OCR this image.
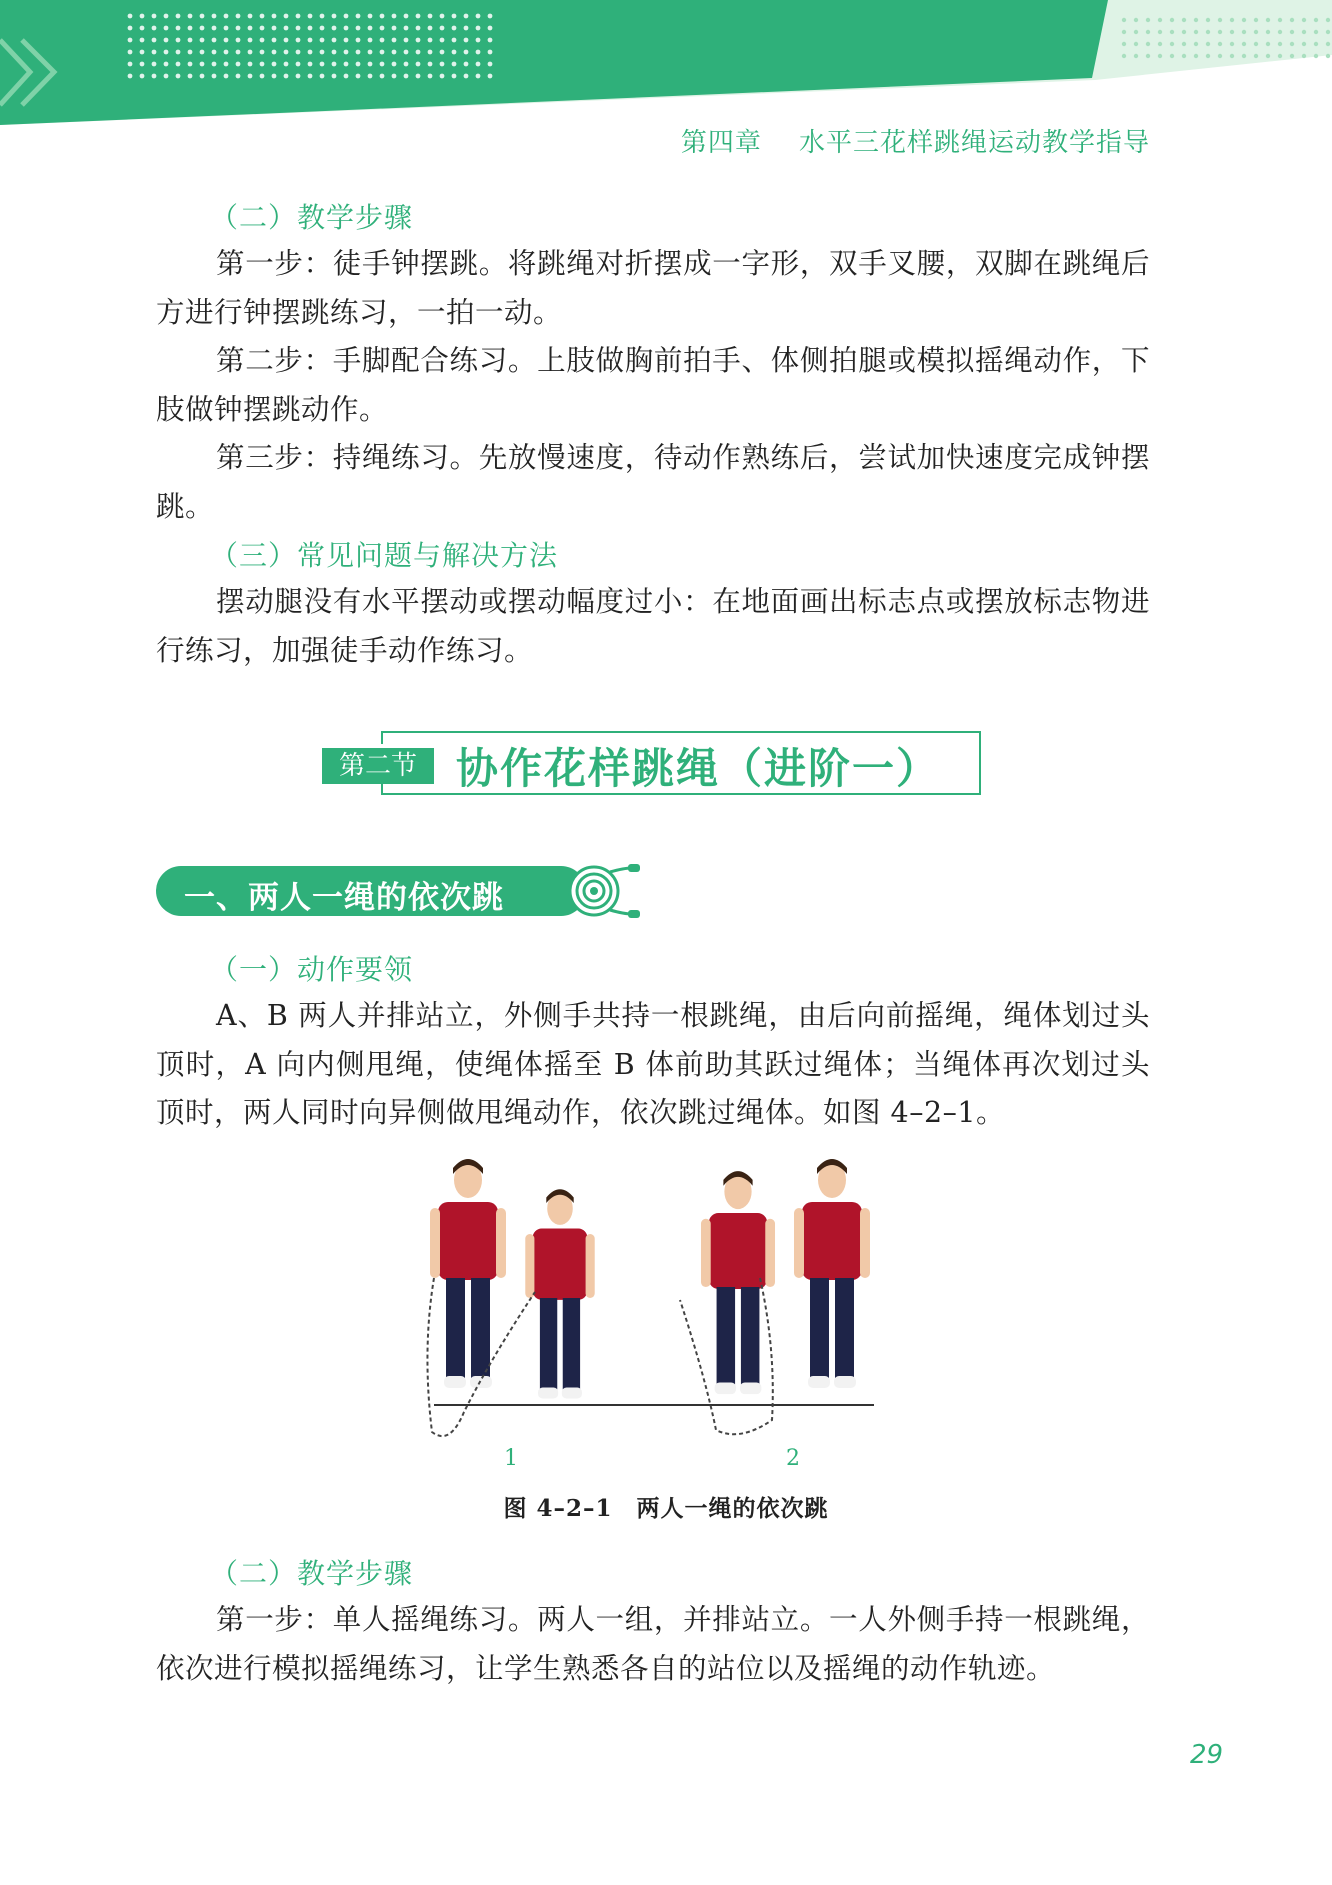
第四章 水平三花样跳绳运动教学指导
（二）教学步骤
第一步：徒手钟摆跳。将跳绳对折摆成一字形，双手叉腰，双脚在跳绳后方进行钟摆跳练习，一拍一动。
第二步：手脚配合练习。上肢做胸前拍手、体侧拍腿或模拟摇绳动作，下肢做钟摆跳动作。
第三步：持绳练习。先放慢速度，待动作熟练后，尝试加快速度完成钟摆跳。
（三）常见问题与解决方法
摆动腿没有水平摆动或摆动幅度过小：在地面画出标志点或摆放标志物进行练习，加强徒手动作练习。
第二节 协作花样跳绳（进阶一）
一、两人一绳的依次跳
（一）动作要领
A、B 两人并排站立，外侧手共持一根跳绳，由后向前摇绳，绳体划过头顶时，A 向内侧甩绳，使绳体摇至 B 体前助其跃过绳体；当绳体再次划过头顶时，两人同时向异侧做甩绳动作，依次跳过绳体。如图 4–2–1。
1	2
图 4–2–1　两人一绳的依次跳
（二）教学步骤
第一步：单人摇绳练习。两人一组，并排站立。一人外侧手持一根跳绳，依次进行模拟摇绳练习，让学生熟悉各自的站位以及摇绳的动作轨迹。
29
